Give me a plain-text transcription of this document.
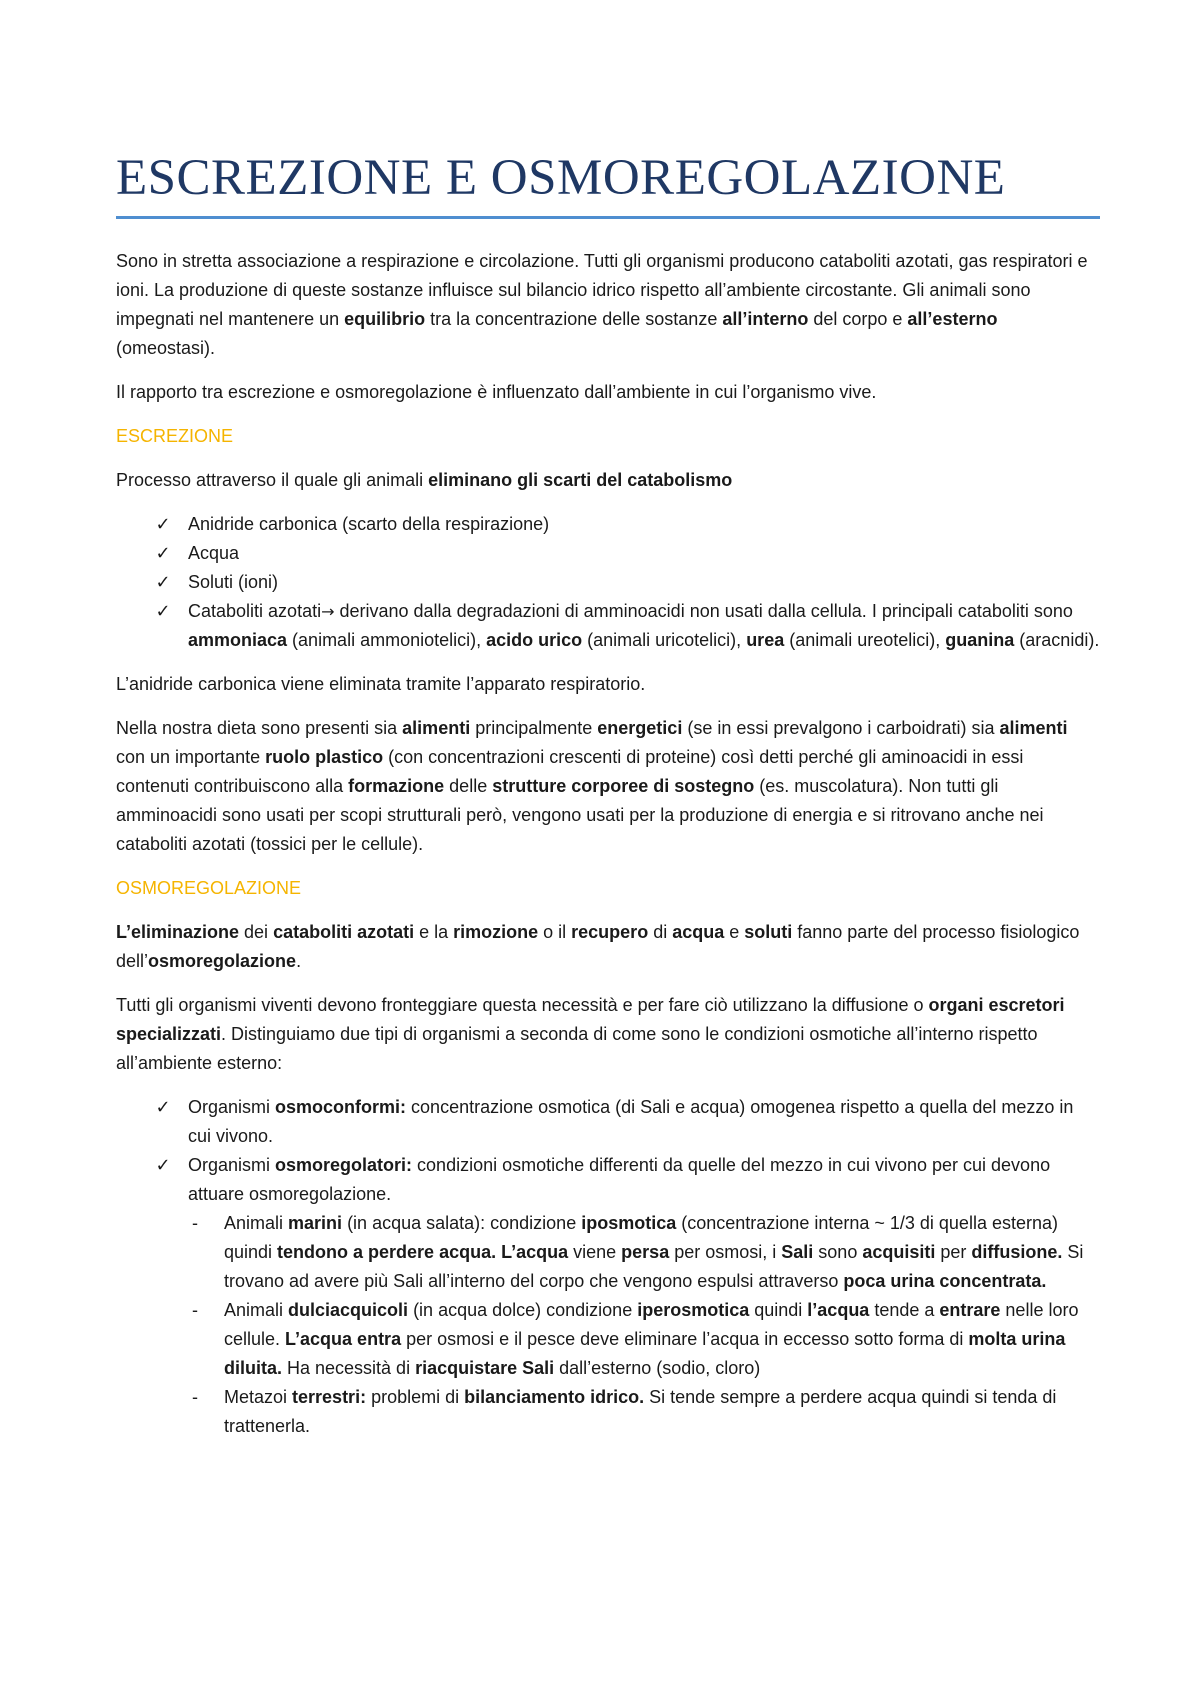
ESCREZIONE E OSMOREGOLAZIONE

Sono in stretta associazione a respirazione e circolazione. Tutti gli organismi producono cataboliti azotati, gas respiratori e ioni. La produzione di queste sostanze influisce sul bilancio idrico rispetto all’ambiente circostante. Gli animali sono impegnati nel mantenere un equilibrio tra la concentrazione delle sostanze all’interno del corpo e all’esterno (omeostasi).

Il rapporto tra escrezione e osmoregolazione è influenzato dall’ambiente in cui l’organismo vive.

ESCREZIONE

Processo attraverso il quale gli animali eliminano gli scarti del catabolismo

✓ Anidride carbonica (scarto della respirazione)
✓ Acqua
✓ Soluti (ioni)
✓ Cataboliti azotati→ derivano dalla degradazioni di amminoacidi non usati dalla cellula. I principali cataboliti sono ammoniaca (animali ammoniotelici), acido urico (animali uricotelici), urea (animali ureotelici), guanina (aracnidi).

L’anidride carbonica viene eliminata tramite l’apparato respiratorio.

Nella nostra dieta sono presenti sia alimenti principalmente energetici (se in essi prevalgono i carboidrati) sia alimenti con un importante ruolo plastico (con concentrazioni crescenti di proteine) così detti perché gli aminoacidi in essi contenuti contribuiscono alla formazione delle strutture corporee di sostegno (es. muscolatura). Non tutti gli amminoacidi sono usati per scopi strutturali però, vengono usati per la produzione di energia e si ritrovano anche nei cataboliti azotati (tossici per le cellule).

OSMOREGOLAZIONE

L’eliminazione dei cataboliti azotati e la rimozione o il recupero di acqua e soluti fanno parte del processo fisiologico dell’osmoregolazione.

Tutti gli organismi viventi devono fronteggiare questa necessità e per fare ciò utilizzano la diffusione o organi escretori specializzati. Distinguiamo due tipi di organismi a seconda di come sono le condizioni osmotiche all’interno rispetto all’ambiente esterno:

✓ Organismi osmoconformi: concentrazione osmotica (di Sali e acqua) omogenea rispetto a quella del mezzo in cui vivono.
✓ Organismi osmoregolatori: condizioni osmotiche differenti da quelle del mezzo in cui vivono per cui devono attuare osmoregolazione.
- Animali marini (in acqua salata): condizione iposmotica (concentrazione interna ~ 1/3 di quella esterna) quindi tendono a perdere acqua. L’acqua viene persa per osmosi, i Sali sono acquisiti per diffusione. Si trovano ad avere più Sali all’interno del corpo che vengono espulsi attraverso poca urina concentrata.
- Animali dulciacquicoli (in acqua dolce) condizione iperosmotica quindi l’acqua tende a entrare nelle loro cellule. L’acqua entra per osmosi e il pesce deve eliminare l’acqua in eccesso sotto forma di molta urina diluita. Ha necessità di riacquistare Sali dall’esterno (sodio, cloro)
- Metazoi terrestri: problemi di bilanciamento idrico. Si tende sempre a perdere acqua quindi si tenda di trattenerla.
